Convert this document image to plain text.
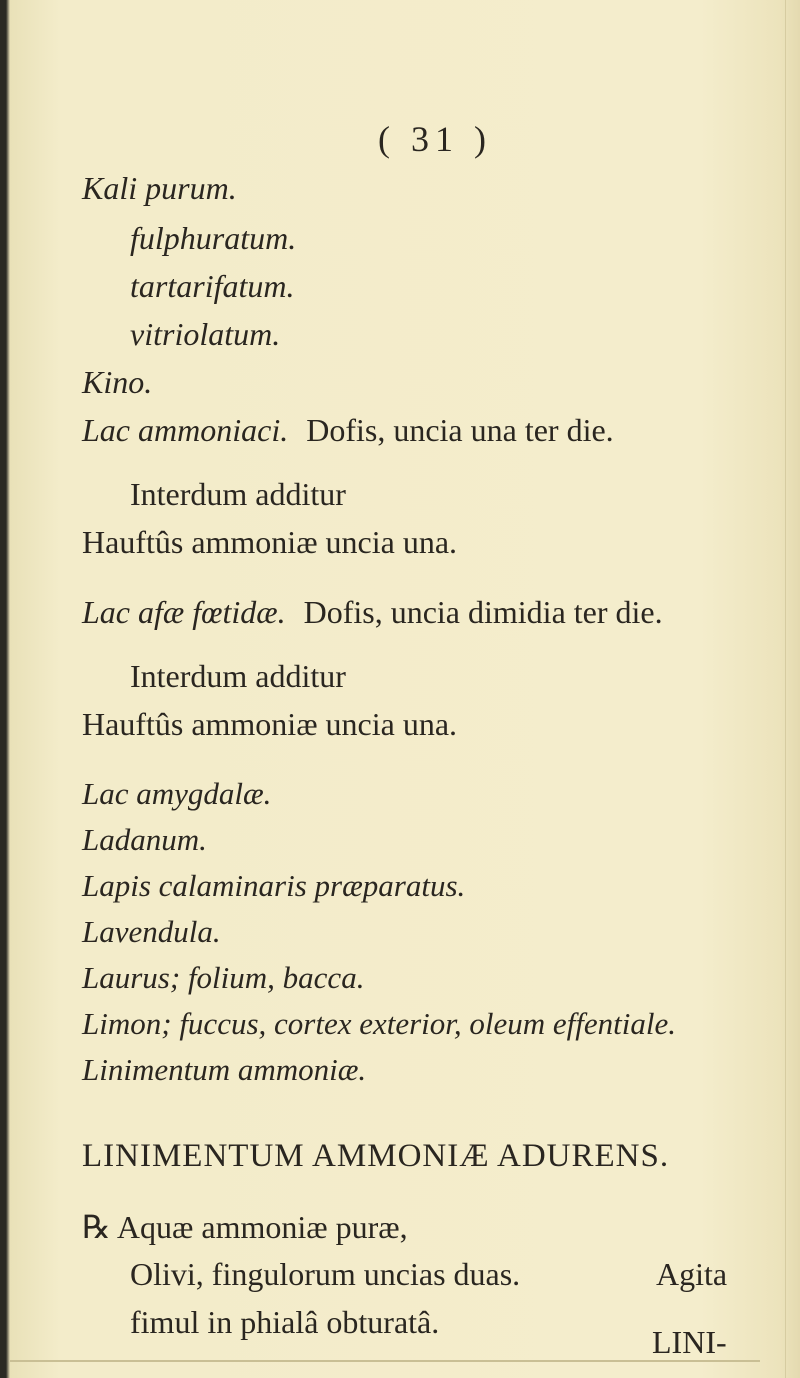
( 31 )
Kali purum.
fulphuratum.
tartarifatum.
vitriolatum.
Kino.
Lac ammoniaci. Dofis, uncia una ter die.
Interdum additur
Hauftûs ammoniæ uncia una.
Lac afæ fœtidæ. Dofis, uncia dimidia ter die.
Interdum additur
Hauftûs ammoniæ uncia una.
Lac amygdalæ.
Ladanum.
Lapis calaminaris præparatus.
Lavendula.
Laurus; folium, bacca.
Limon; fuccus, cortex exterior, oleum effentiale.
Linimentum ammoniæ.
LINIMENTUM AMMONIÆ ADURENS.
℞ Aquæ ammoniæ puræ,
Olivi, fingulorum uncias duas.	Agita
fimul in phialâ obturatâ.
LINI-
